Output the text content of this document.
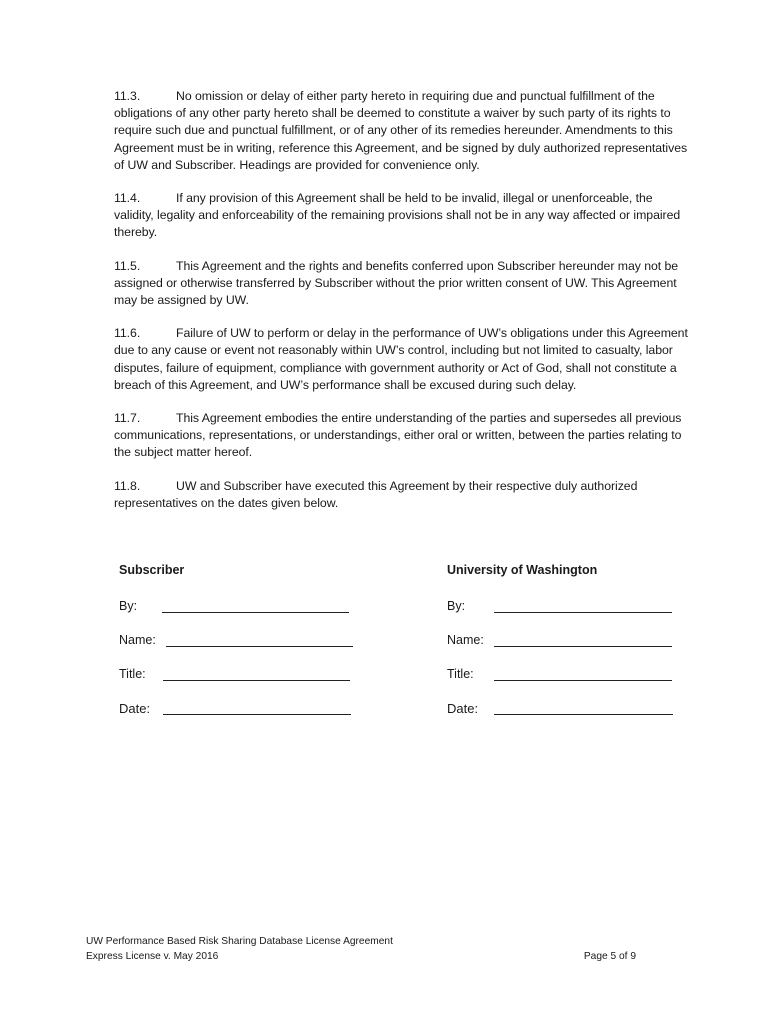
11.3.	No omission or delay of either party hereto in requiring due and punctual fulfillment of the obligations of any other party hereto shall be deemed to constitute a waiver by such party of its rights to require such due and punctual fulfillment, or of any other of its remedies hereunder. Amendments to this Agreement must be in writing, reference this Agreement, and be signed by duly authorized representatives of UW and Subscriber. Headings are provided for convenience only.

11.4.	If any provision of this Agreement shall be held to be invalid, illegal or unenforceable, the validity, legality and enforceability of the remaining provisions shall not be in any way affected or impaired thereby.

11.5.	This Agreement and the rights and benefits conferred upon Subscriber hereunder may not be assigned or otherwise transferred by Subscriber without the prior written consent of UW. This Agreement may be assigned by UW.

11.6.	Failure of UW to perform or delay in the performance of UW’s obligations under this Agreement due to any cause or event not reasonably within UW’s control, including but not limited to casualty, labor disputes, failure of equipment, compliance with government authority or Act of God, shall not constitute a breach of this Agreement, and UW’s performance shall be excused during such delay.

11.7.	This Agreement embodies the entire understanding of the parties and supersedes all previous communications, representations, or understandings, either oral or written, between the parties relating to the subject matter hereof.

11.8.	UW and Subscriber have executed this Agreement by their respective duly authorized representatives on the dates given below.

Subscriber
By:
Name:
Title:
Date:
University of Washington
By:
Name:
Title:
Date:
UW Performance Based Risk Sharing Database License Agreement
Express License v. May 2016	Page 5 of 9
